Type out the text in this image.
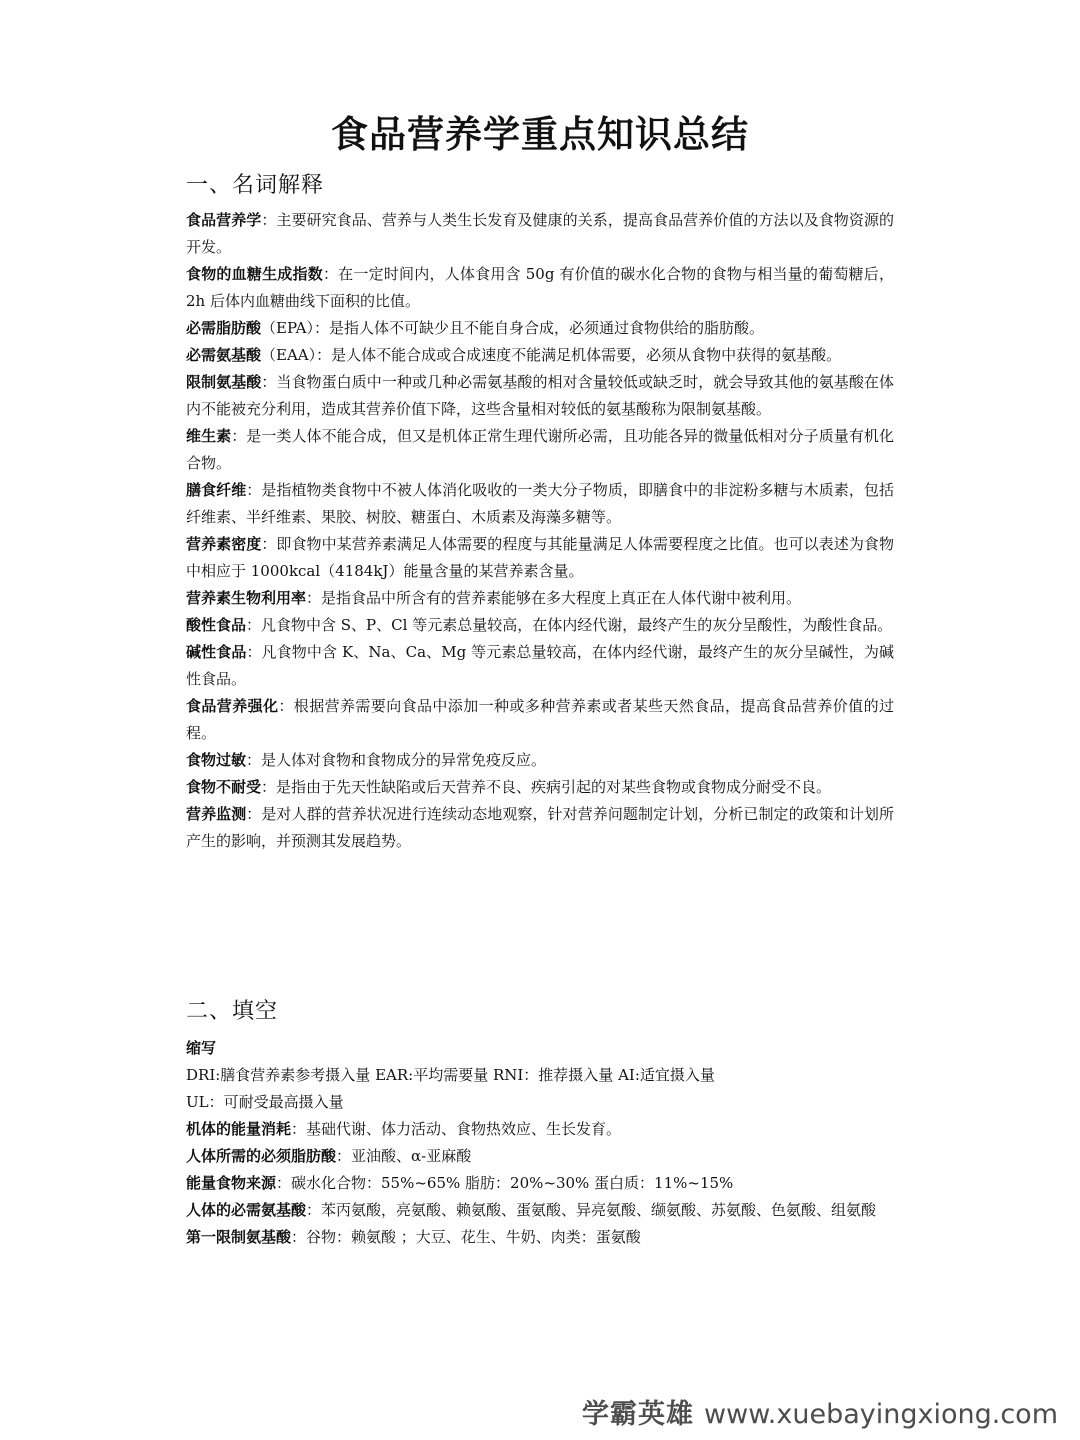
食品营养学重点知识总结
一、名词解释

食品营养学：主要研究食品、营养与人类生长发育及健康的关系，提高食品营养价值的方法以及食物资源的开发。

食物的血糖生成指数：在一定时间内，人体食用含 50g 有价值的碳水化合物的食物与相当量的葡萄糖后，2h 后体内血糖曲线下面积的比值。

必需脂肪酸（EPA）：是指人体不可缺少且不能自身合成，必须通过食物供给的脂肪酸。

必需氨基酸（EAA）：是人体不能合成或合成速度不能满足机体需要，必须从食物中获得的氨基酸。

限制氨基酸：当食物蛋白质中一种或几种必需氨基酸的相对含量较低或缺乏时，就会导致其他的氨基酸在体内不能被充分利用，造成其营养价值下降，这些含量相对较低的氨基酸称为限制氨基酸。

维生素：是一类人体不能合成，但又是机体正常生理代谢所必需，且功能各异的微量低相对分子质量有机化合物。

膳食纤维：是指植物类食物中不被人体消化吸收的一类大分子物质，即膳食中的非淀粉多糖与木质素，包括纤维素、半纤维素、果胶、树胶、糖蛋白、木质素及海藻多糖等。

营养素密度：即食物中某营养素满足人体需要的程度与其能量满足人体需要程度之比值。也可以表述为食物中相应于 1000kcal（4184kJ）能量含量的某营养素含量。

营养素生物利用率：是指食品中所含有的营养素能够在多大程度上真正在人体代谢中被利用。

酸性食品：凡食物中含 S、P、Cl 等元素总量较高，在体内经代谢，最终产生的灰分呈酸性，为酸性食品。

碱性食品：凡食物中含 K、Na、Ca、Mg 等元素总量较高，在体内经代谢，最终产生的灰分呈碱性，为碱性食品。

食品营养强化：根据营养需要向食品中添加一种或多种营养素或者某些天然食品，提高食品营养价值的过程。

食物过敏：是人体对食物和食物成分的异常免疫反应。

食物不耐受：是指由于先天性缺陷或后天营养不良、疾病引起的对某些食物或食物成分耐受不良。

营养监测：是对人群的营养状况进行连续动态地观察，针对营养问题制定计划，分析已制定的政策和计划所产生的影响，并预测其发展趋势。

二、填空

缩写

DRI:膳食营养素参考摄入量 EAR:平均需要量 RNI：推荐摄入量 AI:适宜摄入量

UL：可耐受最高摄入量

机体的能量消耗：基础代谢、体力活动、食物热效应、生长发育。

人体所需的必须脂肪酸：亚油酸、α-亚麻酸

能量食物来源：碳水化合物：55%~65% 脂肪：20%~30% 蛋白质：11%~15%

人体的必需氨基酸：苯丙氨酸，亮氨酸、赖氨酸、蛋氨酸、异亮氨酸、缬氨酸、苏氨酸、色氨酸、组氨酸

第一限制氨基酸：谷物：赖氨酸 ；大豆、花生、牛奶、肉类：蛋氨酸

学霸英雄 www.xuebayingxiong.com
